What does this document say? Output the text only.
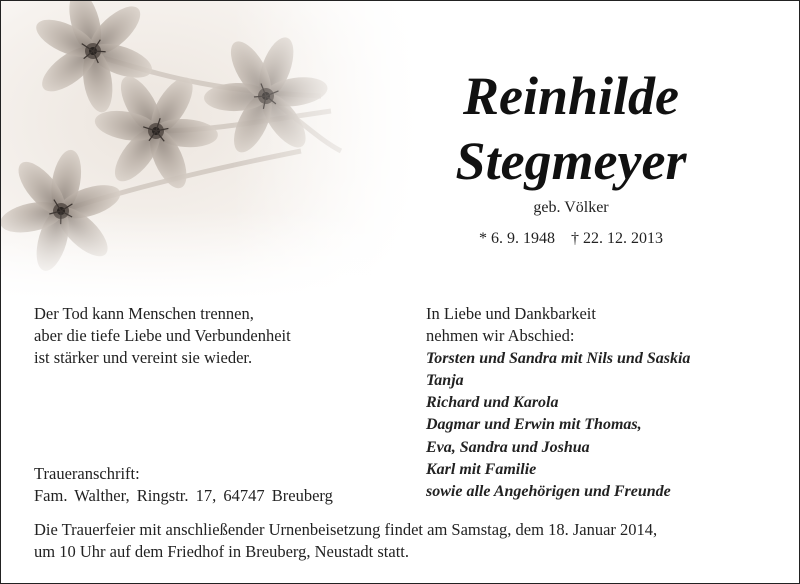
Reinhilde
Stegmeyer
geb. Völker
* 6. 9. 1948 † 22. 12. 2013
Der Tod kann Menschen trennen,
aber die tiefe Liebe und Verbundenheit
ist stärker und vereint sie wieder.
In Liebe und Dankbarkeit
nehmen wir Abschied:
Torsten und Sandra mit Nils und Saskia
Tanja
Richard und Karola
Dagmar und Erwin mit Thomas,
Eva, Sandra und Joshua
Karl mit Familie
sowie alle Angehörigen und Freunde
Traueranschrift:
Fam. Walther, Ringstr. 17, 64747 Breuberg
Die Trauerfeier mit anschließender Urnenbeisetzung findet am Samstag, dem 18. Januar 2014,
um 10 Uhr auf dem Friedhof in Breuberg, Neustadt statt.
